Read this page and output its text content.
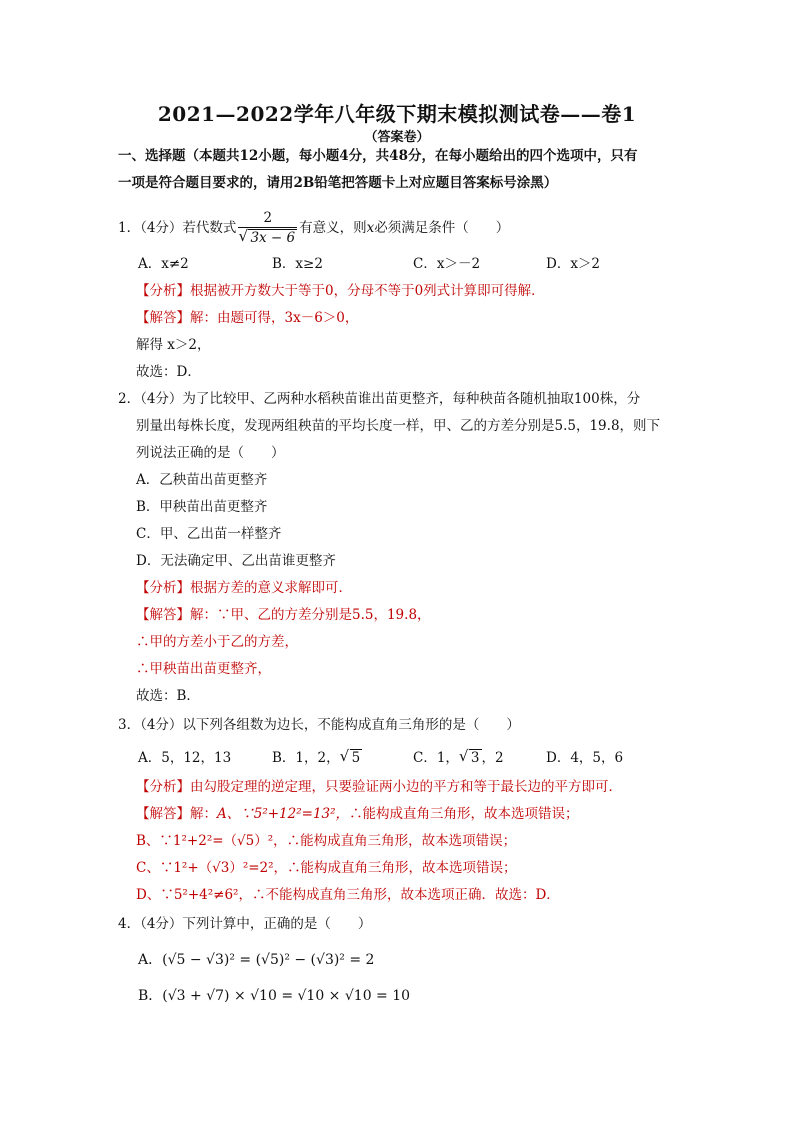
2021—2022学年八年级下期末模拟测试卷——卷1
（答案卷）
一、选择题（本题共12小题，每小题4分，共48分，在每小题给出的四个选项中，只有
一项是符合题目要求的，请用2B铅笔把答题卡上对应题目答案标号涂黑）
1．（4分）若代数式 $\frac{2}{√ 3x - 6}$ 有意义，则x必须满足条件（　　）
A．x≠2	B．x≥2	C．x＞－2	D．x＞2
【分析】根据被开方数大于等于0，分母不等于0列式计算即可得解．
【解答】解：由题可得，3x－6＞0，
解得 x＞2，
故选：D．
2．（4分）为了比较甲、乙两种水稻秧苗谁出苗更整齐，每种秧苗各随机抽取100株，分
别量出每株长度，发现两组秧苗的平均长度一样，甲、乙的方差分别是5.5，19.8，则下
列说法正确的是（　　）
A．乙秧苗出苗更整齐
B．甲秧苗出苗更整齐
C．甲、乙出苗一样整齐
D．无法确定甲、乙出苗谁更整齐
【分析】根据方差的意义求解即可．
【解答】解：∵甲、乙的方差分别是5.5，19.8，
∴甲的方差小于乙的方差，
∴甲秧苗出苗更整齐，
故选：B．
3．（4分）以下列各组数为边长，不能构成直角三角形的是（　　）
A．5，12，13	B．1，2， √ 5	C．1， √ 3 ，2	D．4，5，6
【分析】由勾股定理的逆定理，只要验证两小边的平方和等于最长边的平方即可．
【解答】解：A、∵5²+12²=13²，∴能构成直角三角形，故本选项错误；
B、∵1²+2²=（√5）²，∴能构成直角三角形，故本选项错误；
C、∵1²+（√3）²=2²，∴能构成直角三角形，故本选项错误；
D、∵5²+4²≠6²，∴不能构成直角三角形，故本选项正确．故选：D．
4．（4分）下列计算中，正确的是（　　）
A．(√5 − √3)² = (√5)² − (√3)² = 2
B．(√3 + √7) × √10 = √10 × √10 = 10
